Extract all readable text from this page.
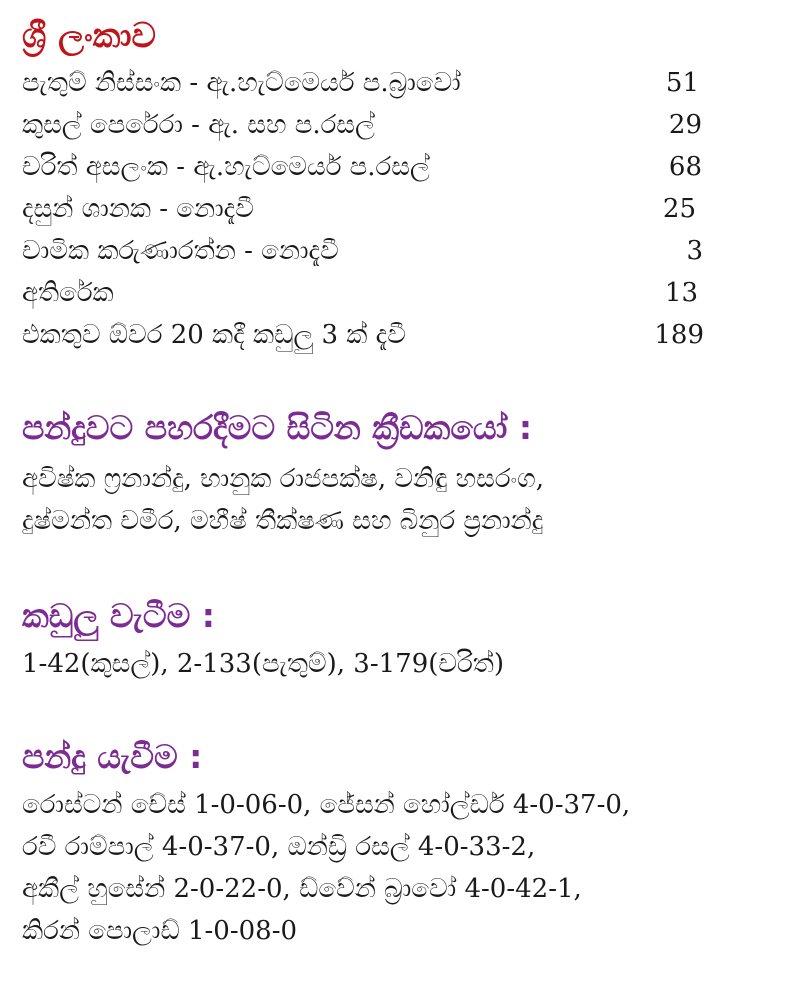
ශ්‍රී ලංකාව
පැතුම් නිස්සංක - ඇ.හැට්මෙයර් ප.බ්‍රාවෝ	51
කුසල් පෙරේරා - ඇ. සහ ප.රසල්	29
චරිත් අසලංක - ඇ.හැට්මෙයර් ප.රසල්	68
දසුන් ශානක - නොදැවී	25
චාමික කරුණාරත්න - නොදැවී	3
අතිරේක	13
එකතුව ඕවර 20 කදී කඩුලු 3 ක් දැවී	189
පන්දුවට පහරදීමට සිටින ක්‍රීඩකයෝ :
අවිෂ්ක ෆ්‍රනාන්දු, භානුක රාජපක්ෂ, වනිඳු හසරංග,
දුෂ්මන්ත චමීර, මහීෂ් තීක්ෂණ සහ බිනුර ප්‍රනාන්දු
කඩුලු වැටීම :
1-42(කුසල්), 2-133(පැතුම්), 3-179(චරිත්)
පන්දු යැවීම :
රොස්ටන් චේස් 1-0-06-0, ජේසන් හෝල්ඩර් 4-0-37-0,
රවී රාම්පාල් 4-0-37-0, ඔන්ඩ්‍රි රසල් 4-0-33-2,
අකීල් හුසේන් 2-0-22-0, ඩ්වේන් බ්‍රාවෝ 4-0-42-1,
කිරන් පොලාඩ් 1-0-08-0
